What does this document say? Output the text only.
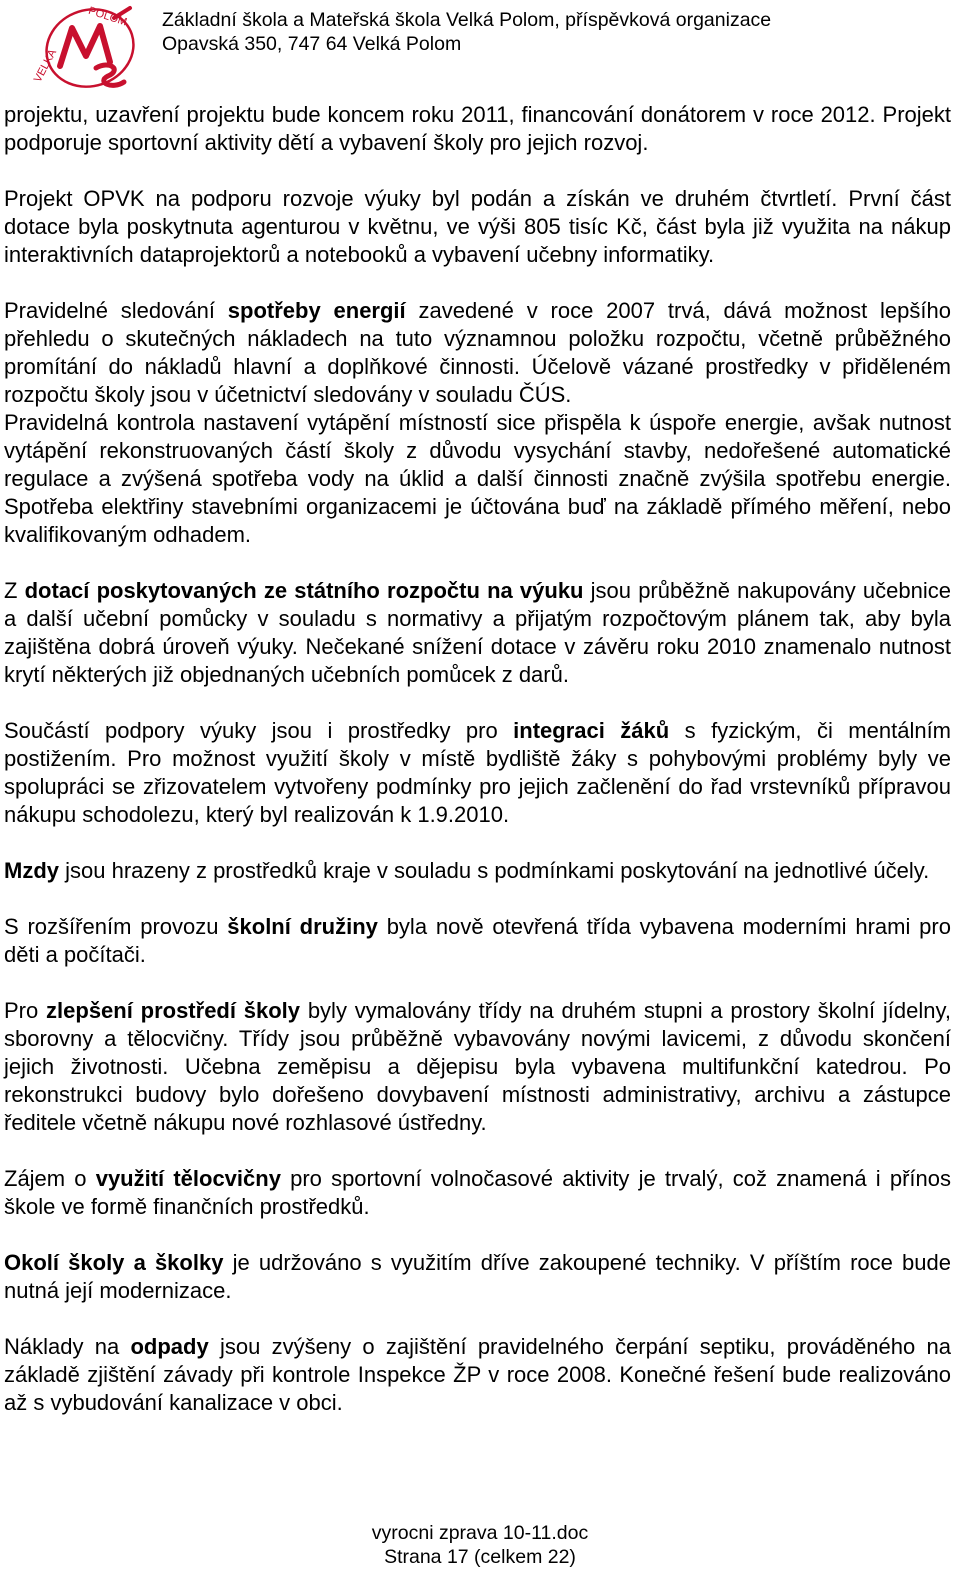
VELKÁ
POLOM Základní škola a Mateřská škola Velká Polom, příspěvková organizace
Opavská 350, 747 64 Velká Polom

projektu, uzavření projektu bude koncem roku 2011, financování donátorem v roce 2012. Projekt podporuje sportovní aktivity dětí a vybavení školy pro jejich rozvoj.

Projekt OPVK na podporu rozvoje výuky byl podán a získán ve druhém čtvrtletí. První část dotace byla poskytnuta agenturou v květnu, ve výši 805 tisíc Kč, část byla již využita na nákup interaktivních dataprojektorů a notebooků a vybavení učebny informatiky.

Pravidelné sledování spotřeby energií zavedené v roce 2007 trvá, dává možnost lepšího přehledu o skutečných nákladech na tuto významnou položku rozpočtu, včetně průběžného promítání do nákladů hlavní a doplňkové činnosti. Účelově vázané prostředky v přiděleném rozpočtu školy jsou v účetnictví sledovány v souladu ČÚS.

Pravidelná kontrola nastavení vytápění místností sice přispěla k úspoře energie, avšak nutnost vytápění rekonstruovaných částí školy z důvodu vysychání stavby, nedořešené automatické regulace a zvýšená spotřeba vody na úklid a další činnosti značně zvýšila spotřebu energie. Spotřeba elektřiny stavebními organizacemi je účtována buď na základě přímého měření, nebo kvalifikovaným odhadem.

Z dotací poskytovaných ze státního rozpočtu na výuku jsou průběžně nakupovány učebnice a další učební pomůcky v souladu s normativy a přijatým rozpočtovým plánem tak, aby byla zajištěna dobrá úroveň výuky. Nečekané snížení dotace v závěru roku 2010 znamenalo nutnost krytí některých již objednaných učebních pomůcek z darů.

Součástí podpory výuky jsou i prostředky pro integraci žáků s fyzickým, či mentálním postižením. Pro možnost využití školy v místě bydliště žáky s pohybovými problémy byly ve spolupráci se zřizovatelem vytvořeny podmínky pro jejich začlenění do řad vrstevníků přípravou nákupu schodolezu, který byl realizován k 1.9.2010.

Mzdy jsou hrazeny z prostředků kraje v souladu s podmínkami poskytování na jednotlivé účely.

S rozšířením provozu školní družiny byla nově otevřená třída vybavena moderními hrami pro děti a počítači.

Pro zlepšení prostředí školy byly vymalovány třídy na druhém stupni a prostory školní jídelny, sborovny a tělocvičny. Třídy jsou průběžně vybavovány novými lavicemi, z důvodu skončení jejich životnosti. Učebna zeměpisu a dějepisu byla vybavena multifunkční katedrou. Po rekonstrukci budovy bylo dořešeno dovybavení místnosti administrativy, archivu a zástupce ředitele včetně nákupu nové rozhlasové ústředny.

Zájem o využití tělocvičny pro sportovní volnočasové aktivity je trvalý, což znamená i přínos škole ve formě finančních prostředků.

Okolí školy a školky je udržováno s využitím dříve zakoupené techniky. V příštím roce bude nutná její modernizace.

Náklady na odpady jsou zvýšeny o zajištění pravidelného čerpání septiku, prováděného na základě zjištění závady při kontrole Inspekce ŽP v roce 2008. Konečné řešení bude realizováno až s vybudování kanalizace v obci.

vyrocni zprava 10-11.doc
Strana 17 (celkem 22)
